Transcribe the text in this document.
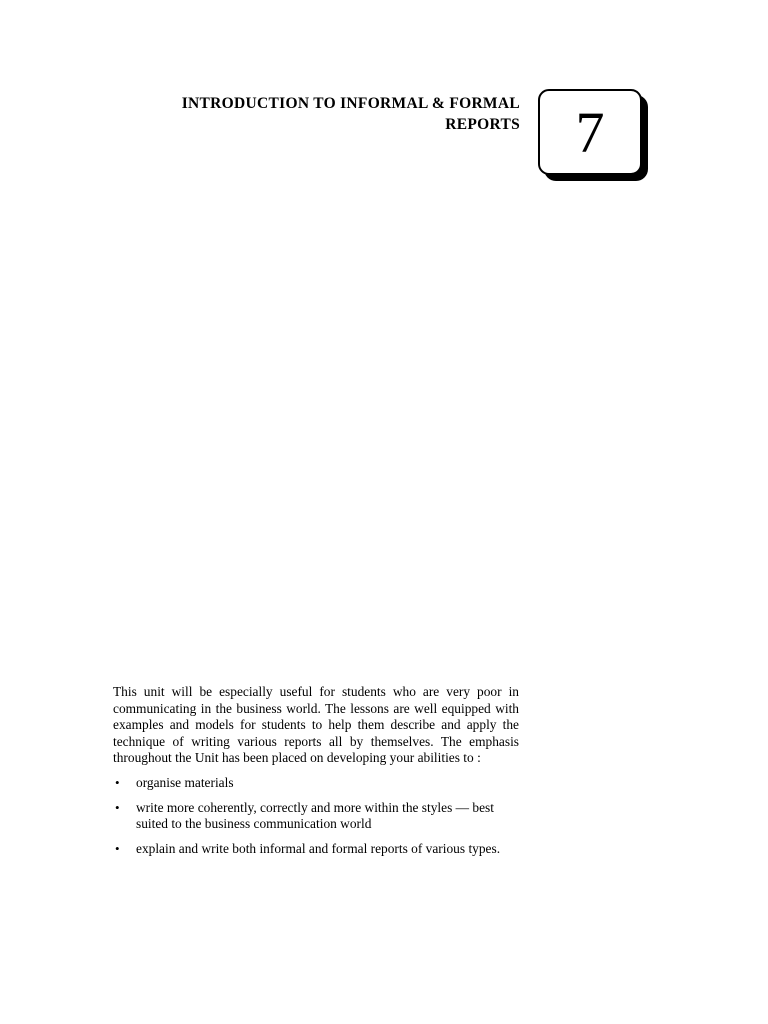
INTRODUCTION TO INFORMAL & FORMAL
REPORTS 7

This unit will be especially useful for students who are very poor in communicating in the business world. The lessons are well equipped with examples and models for students to help them describe and apply the technique of writing various reports all by themselves. The emphasis throughout the Unit has been placed on developing your abilities to :

• organise materials
• write more coherently, correctly and more within the styles — best suited to the business communication world
• explain and write both informal and formal reports of various types.
